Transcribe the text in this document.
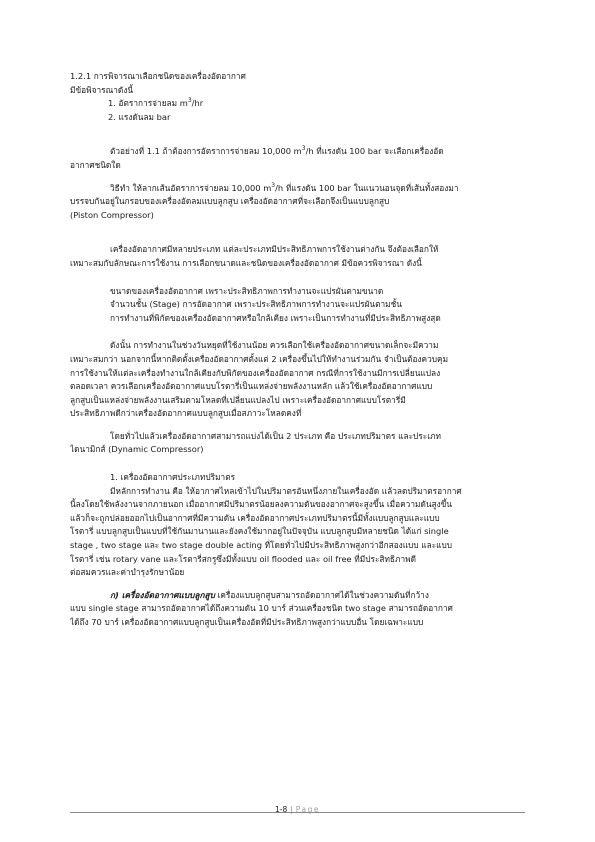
1.2.1 การพิจารณาเลือกชนิดของเครื่องอัดอากาศ

มีข้อพิจารณาดังนี้

1. อัตราการจ่ายลม $m^3/hr$

2. แรงดันลม bar

ตัวอย่างที่ 1.1 ถ้าต้องการอัตราการจ่ายลม 10,000 $m^3/h$ ที่แรงดัน 100 bar จะเลือกเครื่องอัด

อากาศชนิดใด

วิธีทำ ให้ลากเส้นอัตราการจ่ายลม 10,000 $m^3/h$ ที่แรงดัน 100 bar ในแนวนอนจุดที่เส้นทั้งสองมา

บรรจบกันอยู่ในกรอบของเครื่องอัดลมแบบลูกสูบ เครื่องอัดอากาศที่จะเลือกจึงเป็นแบบลูกสูบ

(Piston Compressor)

เครื่องอัดอากาศมีหลายประเภท แต่ละประเภทมีประสิทธิภาพการใช้งานต่างกัน จึงต้องเลือกให้

เหมาะสมกับลักษณะการใช้งาน การเลือกขนาดและชนิดของเครื่องอัดอากาศ มีข้อควรพิจารณา ดังนี้

ขนาดของเครื่องอัดอากาศ เพราะประสิทธิภาพการทำงานจะแปรผันตามขนาด

จำนวนชั้น (Stage) การอัดอากาศ เพราะประสิทธิภาพการทำงานจะแปรผันตามชั้น

การทำงานที่พิกัดของเครื่องอัดอากาศหรือใกล้เคียง เพราะเป็นการทำงานที่มีประสิทธิภาพสูงสุด

ดังนั้น การทำงานในช่วงวันหยุดที่ใช้งานน้อย ควรเลือกใช้เครื่องอัดอากาศขนาดเล็กจะมีความ

เหมาะสมกว่า นอกจากนี้หากติดตั้งเครื่องอัดอากาศตั้งแต่ 2 เครื่องขึ้นไปให้ทำงานร่วมกัน จำเป็นต้องควบคุม

การใช้งานให้แต่ละเครื่องทำงานใกล้เคียงกับพิกัดของเครื่องอัดอากาศ กรณีที่การใช้งานมีการเปลี่ยนแปลง

ตลอดเวลา ควรเลือกเครื่องอัดอากาศแบบโรตารี่เป็นแหล่งจ่ายพลังงานหลัก แล้วใช้เครื่องอัดอากาศแบบ

ลูกสูบเป็นแหล่งจ่ายพลังงานเสริมตามโหลดที่เปลี่ยนแปลงไป เพราะเครื่องอัดอากาศแบบโรตารี่มี

ประสิทธิภาพดีกว่าเครื่องอัดอากาศแบบลูกสูบเมื่อสภาวะโหลดคงที่

โดยทั่วไปแล้วเครื่องอัดอากาศสามารถแบ่งได้เป็น 2 ประเภท คือ ประเภทปริมาตร และประเภท

ไดนามิกส์ (Dynamic Compressor)

1. เครื่องอัดอากาศประเภทปริมาตร

มีหลักการทำงาน คือ ให้อากาศไหลเข้าไปในปริมาตรอันหนึ่งภายในเครื่องอัด แล้วลดปริมาตรอากาศ

นี้ลงโดยใช้พลังงานจากภายนอก เมื่ออากาศมีปริมาตรน้อยลงความดันของอากาศจะสูงขึ้น เมื่อความดันสูงขึ้น

แล้วก็จะถูกปล่อยออกไปเป็นอากาศที่มีความดัน เครื่องอัดอากาศประเภทปริมาตรนี้มีทั้งแบบลูกสูบและแบบ

โรตารี่ แบบลูกสูบเป็นแบบที่ใช้กันมานานและยังคงใช้มากอยู่ในปัจจุบัน แบบลูกสูบมีหลายชนิด ได้แก่ single

stage , two stage และ two stage double acting ที่โดยทั่วไปมีประสิทธิภาพสูงกว่าอีกสองแบบ และแบบ

โรตารี่ เช่น rotary vane และโรตารี่สกรูซึ่งมีทั้งแบบ oil flooded และ oil free ที่มีประสิทธิภาพดี

ต่อสมควรและค่าบำรุงรักษาน้อย

ก) เครื่องอัดอากาศแบบลูกสูบ เครื่องแบบลูกสูบสามารถอัดอากาศได้ในช่วงความดันที่กว้าง

แบบ single stage สามารถอัดอากาศได้ถึงความดัน 10 บาร์ ส่วนเครื่องชนิด two stage สามารถอัดอากาศ

ได้ถึง 70 บาร์ เครื่องอัดอากาศแบบลูกสูบเป็นเครื่องอัดที่มีประสิทธิภาพสูงกว่าแบบอื่น โดยเฉพาะแบบ

1-8 | Page
